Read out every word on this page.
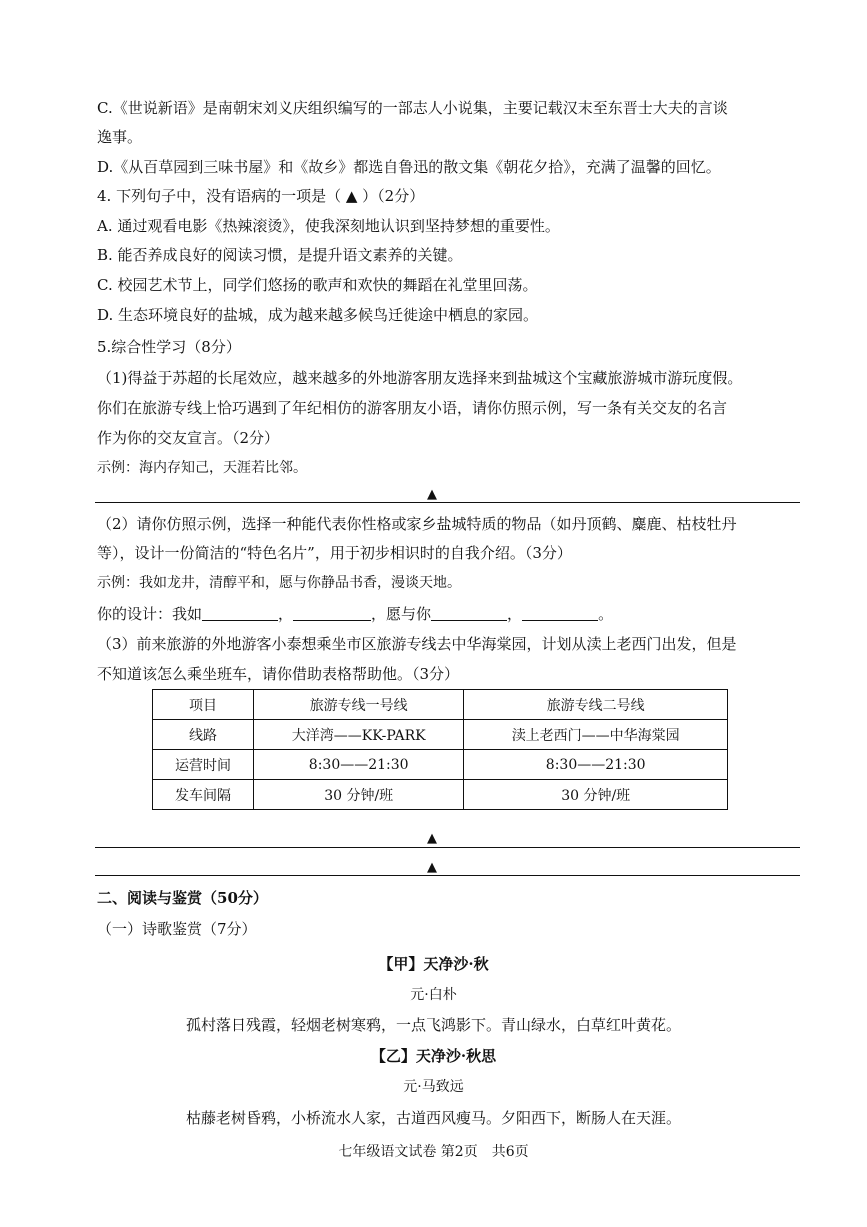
C.《世说新语》是南朝宋刘义庆组织编写的一部志人小说集，主要记载汉末至东晋士大夫的言谈
逸事。
D.《从百草园到三味书屋》和《故乡》都选自鲁迅的散文集《朝花夕拾》，充满了温馨的回忆。
4. 下列句子中，没有语病的一项是（ ▲ ）（2分）
A. 通过观看电影《热辣滚烫》，使我深刻地认识到坚持梦想的重要性。
B. 能否养成良好的阅读习惯，是提升语文素养的关键。
C. 校园艺术节上，同学们悠扬的歌声和欢快的舞蹈在礼堂里回荡。
D. 生态环境良好的盐城，成为越来越多候鸟迁徙途中栖息的家园。
5.综合性学习（8分）
（1)得益于苏超的长尾效应，越来越多的外地游客朋友选择来到盐城这个宝藏旅游城市游玩度假。
你们在旅游专线上恰巧遇到了年纪相仿的游客朋友小语，请你仿照示例，写一条有关交友的名言
作为你的交友宣言。（2分）
示例：海内存知己，天涯若比邻。
▲
（2）请你仿照示例，选择一种能代表你性格或家乡盐城特质的物品（如丹顶鹤、麋鹿、枯枝牡丹
等），设计一份简洁的“特色名片”，用于初步相识时的自我介绍。（3分）
示例：我如龙井，清醇平和，愿与你静品书香，漫谈天地。
你的设计：我如	，	，愿与你	，	。
（3）前来旅游的外地游客小泰想乘坐市区旅游专线去中华海棠园，计划从渎上老西门出发，但是
不知道该怎么乘坐班车，请你借助表格帮助他。（3分）
项目	旅游专线一号线	旅游专线二号线
线路	大洋湾——KK-PARK	渎上老西门——中华海棠园
运营时间	8:30——21:30	8:30——21:30
发车间隔	30 分钟/班	30 分钟/班
▲
▲
二、阅读与鉴赏（50分）
（一）诗歌鉴赏（7分）
【甲】天净沙·秋
元·白朴
孤村落日残霞，轻烟老树寒鸦，一点飞鸿影下。青山绿水，白草红叶黄花。
【乙】天净沙·秋思
元·马致远
枯藤老树昏鸦，小桥流水人家，古道西风瘦马。夕阳西下，断肠人在天涯。
七年级语文试卷 第2页　共6页
